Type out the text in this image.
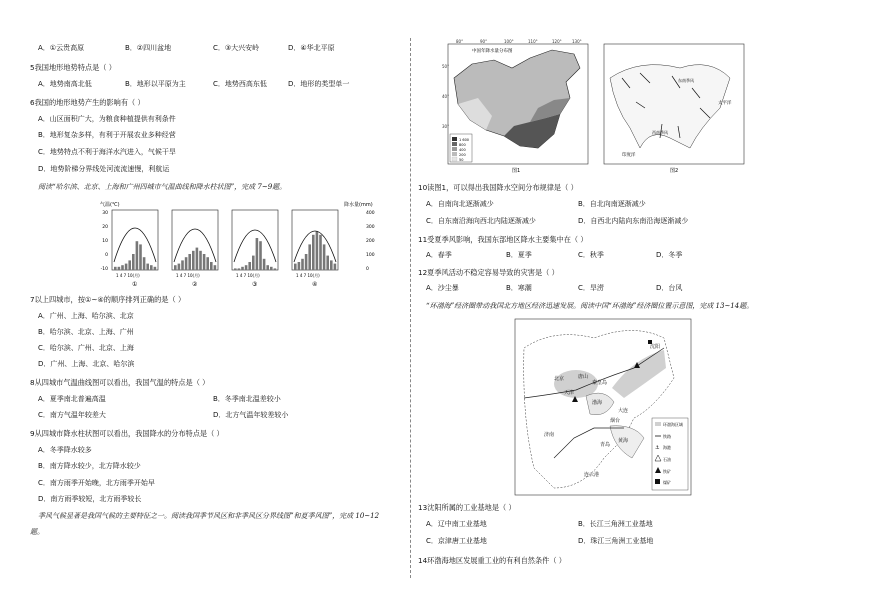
A．①云贵高原	B．②四川盆地	C．③大兴安岭	D．④华北平原
5我国地形地势特点是（ ）
A．地势南高北低	B．地形以平原为主	C．地势西高东低	D．地形的类型单一
6我国的地形地势产生的影响有（ ）
A．山区面积广大，为粮食种植提供有利条件
B．地形复杂多样，有利于开展农业多种经营
C．地势特点不利于海洋水汽进入，气候干旱
D．地势阶梯分界线处河流流速慢，利航运
阅读“哈尔滨、北京、上海和广州四城市气温曲线和降水柱状图”，完成 7~9题。
气温(℃)	降水量(mm)
30
20
10
0
-10
400
300
200
100
0
1 4 7 10(月)
①
1 4 7 10(月)
②
1 4 7 10(月)
③
1 4 7 10(月)
④
7以上四城市，按①~④的顺序排列正确的是（ ）
A．广州、上海、哈尔滨、北京
B．哈尔滨、北京、上海、广州
C．哈尔滨、广州、北京、上海
D．广州、上海、北京、哈尔滨
8从四城市气温曲线图可以看出，我国气温的特点是（ ）
A．夏季南北普遍高温	B．冬季南北温差较小
C．南方气温年较差大	D．北方气温年较差较小
9从四城市降水柱状图可以看出，我国降水的分布特点是（ ）
A．冬季降水较多
B．南方降水较少，北方降水较少
C．南方雨季开始晚，北方雨季开始早
D．南方雨季较短，北方雨季较长
季风气候显著是我国气候的主要特征之一。阅读我国季节风区和非季风区分界线图”和夏季风图”，完成 10~12
题。
80°	90°	100°	110°	120°	130°
50°
40°
30°
中国年降水量分布图
1 600
800
400
200
50
图1
太平洋
印度洋
东南季风
西南季风
图2
10读图1，可以得出我国降水空间分布规律是（ ）
A．自南向北逐渐减少	B．自北向南逐渐减少
C．自东南沿海向西北内陆逐渐减少	D．自西北内陆向东南沿海逐渐减少
11受夏季风影响，我国东部地区降水主要集中在（ ）
A．春季	B．夏季	C．秋季	D．冬季
12夏季风活动不稳定容易导致的灾害是（ ）
A．沙尘暴	B．寒潮	C．旱涝	D．台风
“环渤海”经济圈带动我国北方地区经济迅速发展。阅读中国“环渤海”经济圈位置示意图，完成 13~14题。
北京
天津
唐山
秦皇岛
沈阳
大连
烟台
济南
青岛
连云港
渤海
黄海
环渤海区域
铁路
⚓ 海港
石油
铁矿
煤矿
13沈阳所属的工业基地是（ ）
A．辽中南工业基地	B．长江三角洲工业基地
C．京津唐工业基地	D．珠江三角洲工业基地
14环渤海地区发展重工业的有利自然条件（ ）
